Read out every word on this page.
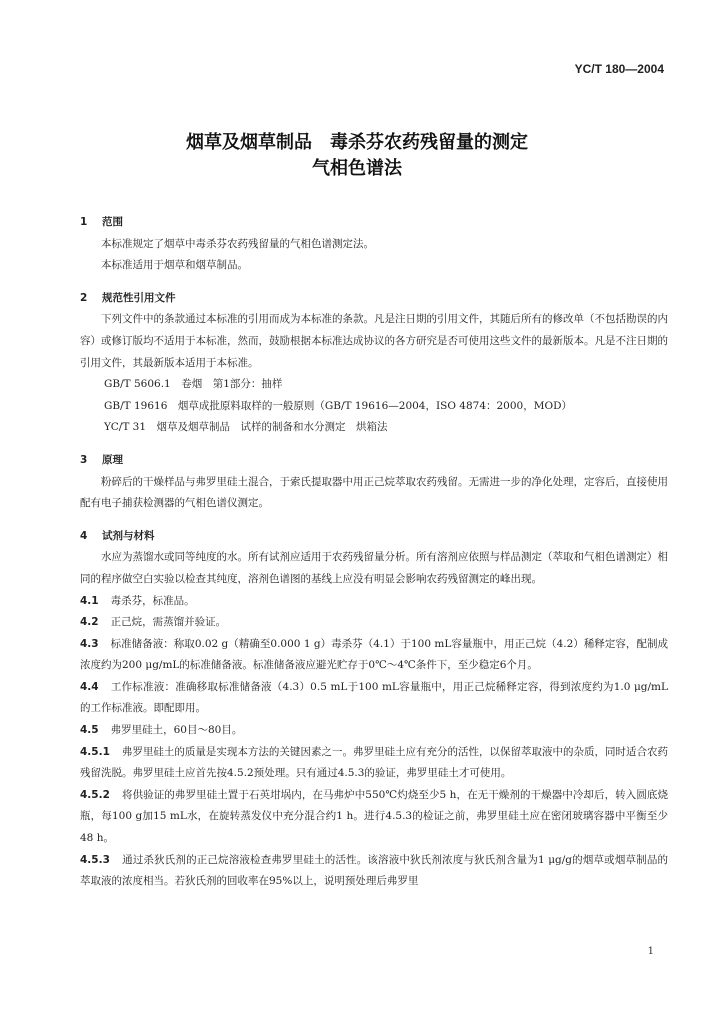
YC/T 180—2004
烟草及烟草制品　毒杀芬农药残留量的测定
气相色谱法
1 范围
本标准规定了烟草中毒杀芬农药残留量的气相色谱测定法。
本标准适用于烟草和烟草制品。
2 规范性引用文件
下列文件中的条款通过本标准的引用而成为本标准的条款。凡是注日期的引用文件，其随后所有的修改单（不包括勘误的内容）或修订版均不适用于本标准，然而，鼓励根据本标准达成协议的各方研究是否可使用这些文件的最新版本。凡是不注日期的引用文件，其最新版本适用于本标准。
GB/T 5606.1　卷烟　第1部分：抽样
GB/T 19616　烟草成批原料取样的一般原则（GB/T 19616—2004，ISO 4874：2000，MOD）
YC/T 31　烟草及烟草制品　试样的制备和水分测定　烘箱法
3 原理
粉碎后的干燥样品与弗罗里硅土混合，于索氏提取器中用正己烷萃取农药残留。无需进一步的净化处理，定容后，直接使用配有电子捕获检测器的气相色谱仪测定。
4 试剂与材料
水应为蒸馏水或同等纯度的水。所有试剂应适用于农药残留量分析。所有溶剂应依照与样品测定（萃取和气相色谱测定）相同的程序做空白实验以检查其纯度，溶剂色谱图的基线上应没有明显会影响农药残留测定的峰出现。
4.1 毒杀芬，标准品。
4.2 正己烷，需蒸馏并验证。
4.3 标准储备液：称取0.02 g（精确至0.000 1 g）毒杀芬（4.1）于100 mL容量瓶中，用正己烷（4.2）稀释定容，配制成浓度约为200 μg/mL的标准储备液。标准储备液应避光贮存于0℃～4℃条件下，至少稳定6个月。
4.4 工作标准液：准确移取标准储备液（4.3）0.5 mL于100 mL容量瓶中，用正己烷稀释定容，得到浓度约为1.0 μg/mL的工作标准液。即配即用。
4.5 弗罗里硅土，60目～80目。
4.5.1 弗罗里硅土的质量是实现本方法的关键因素之一。弗罗里硅土应有充分的活性，以保留萃取液中的杂质，同时适合农药残留洗脱。弗罗里硅土应首先按4.5.2预处理。只有通过4.5.3的验证，弗罗里硅土才可使用。
4.5.2 将供验证的弗罗里硅土置于石英坩埚内，在马弗炉中550℃灼烧至少5 h，在无干燥剂的干燥器中冷却后，转入圆底烧瓶，每100 g加15 mL水，在旋转蒸发仪中充分混合约1 h。进行4.5.3的检证之前，弗罗里硅土应在密闭玻璃容器中平衡至少48 h。
4.5.3 通过杀狄氏剂的正己烷溶液检查弗罗里硅土的活性。该溶液中狄氏剂浓度与狄氏剂含量为1 μg/g的烟草或烟草制品的萃取液的浓度相当。若狄氏剂的回收率在95%以上，说明预处理后弗罗里
1
